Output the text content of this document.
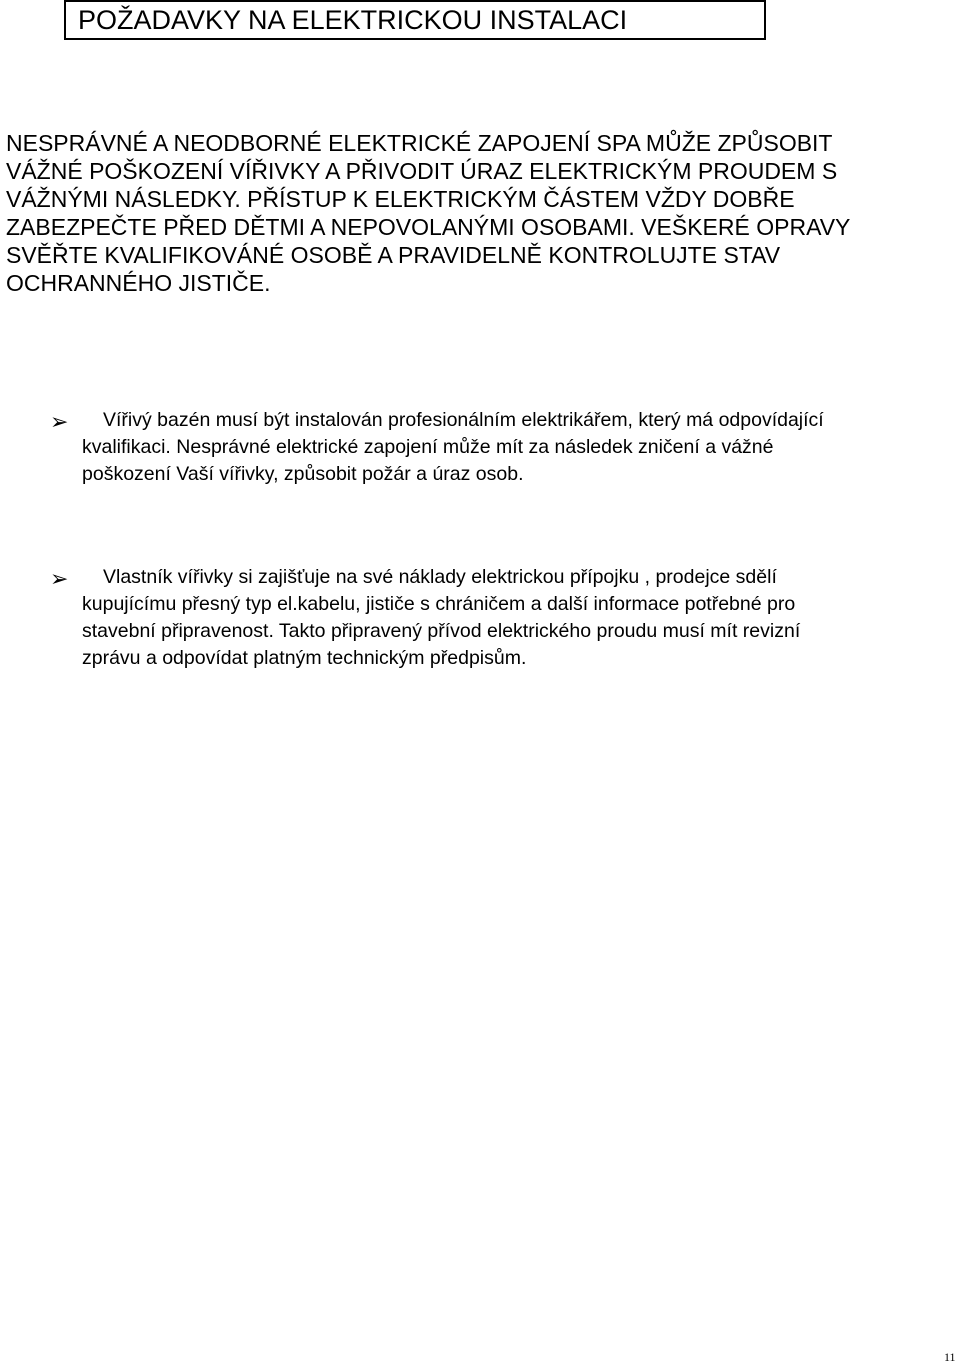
POŽADAVKY NA ELEKTRICKOU INSTALACI
NESPRÁVNÉ A NEODBORNÉ ELEKTRICKÉ ZAPOJENÍ SPA MŮŽE ZPŮSOBIT
VÁŽNÉ POŠKOZENÍ VÍŘIVKY A PŘIVODIT ÚRAZ ELEKTRICKÝM PROUDEM S
VÁŽNÝMI NÁSLEDKY. PŘÍSTUP K ELEKTRICKÝM ČÁSTEM VŽDY DOBŘE
ZABEZPEČTE PŘED DĚTMI A NEPOVOLANÝMI OSOBAMI. VEŠKERÉ OPRAVY
SVĚŘTE KVALIFIKOVÁNÉ OSOBĚ A PRAVIDELNĚ KONTROLUJTE STAV
OCHRANNÉHO JISTIČE.
➢	Vířivý bazén musí být instalován profesionálním elektrikářem, který má odpovídající
kvalifikaci. Nesprávné elektrické zapojení může mít za následek zničení a vážné
poškození Vaší vířivky, způsobit požár a úraz osob.
➢	Vlastník vířivky si zajišťuje na své náklady elektrickou přípojku , prodejce sdělí
kupujícímu přesný typ el.kabelu, jističe s chráničem a další informace potřebné pro
stavební připravenost. Takto připravený přívod elektrického proudu musí mít revizní
zprávu a odpovídat platným technickým předpisům.
11
